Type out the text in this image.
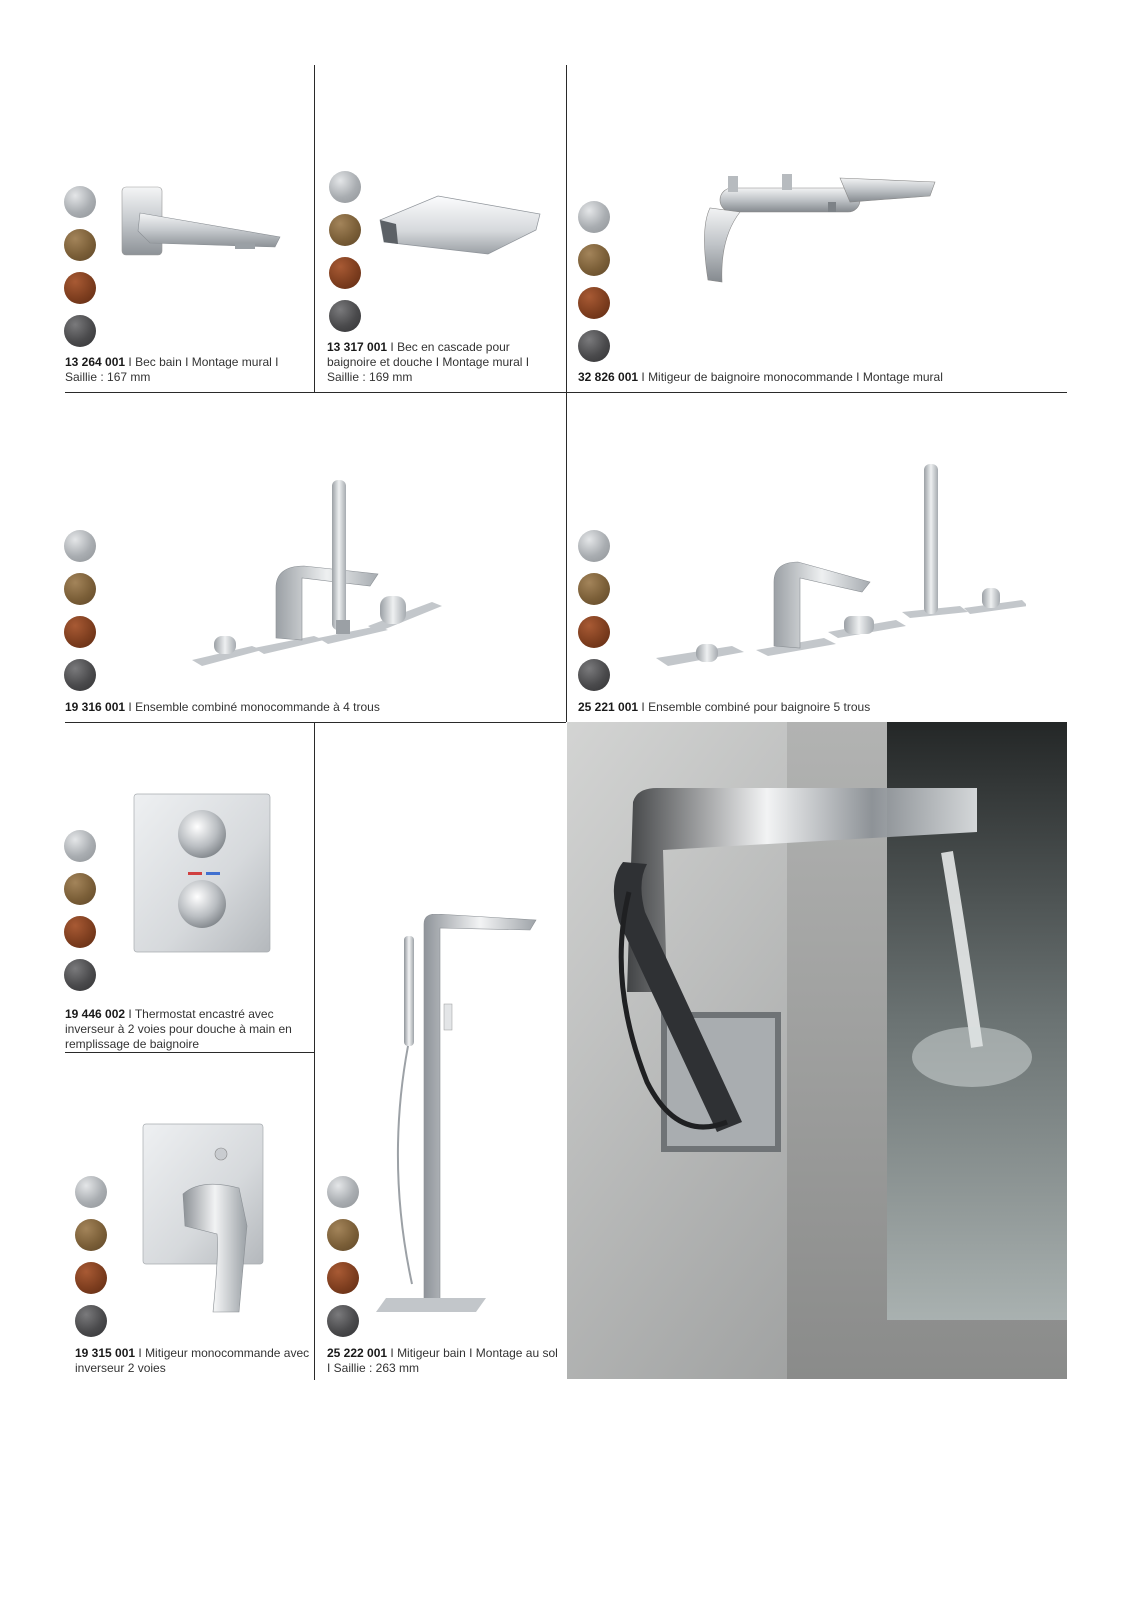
13 264 001 I Bec bain I Montage mural I Saillie : 167 mm
13 317 001 I Bec en cascade pour baignoire et douche I Montage mural I Saillie : 169 mm	32 826 001 I Mitigeur de baignoire monocommande I Montage mural
19 316 001 I Ensemble combiné monocommande à 4 trous	25 221 001 I Ensemble combiné pour baignoire 5 trous
19 446 002 I Thermostat encastré avec inverseur à 2 voies pour douche à main en remplissage de baignoire
19 315 001 I Mitigeur monocommande avec inverseur 2 voies
25 222 001 I Mitigeur bain I Montage au sol I Saillie : 263 mm
